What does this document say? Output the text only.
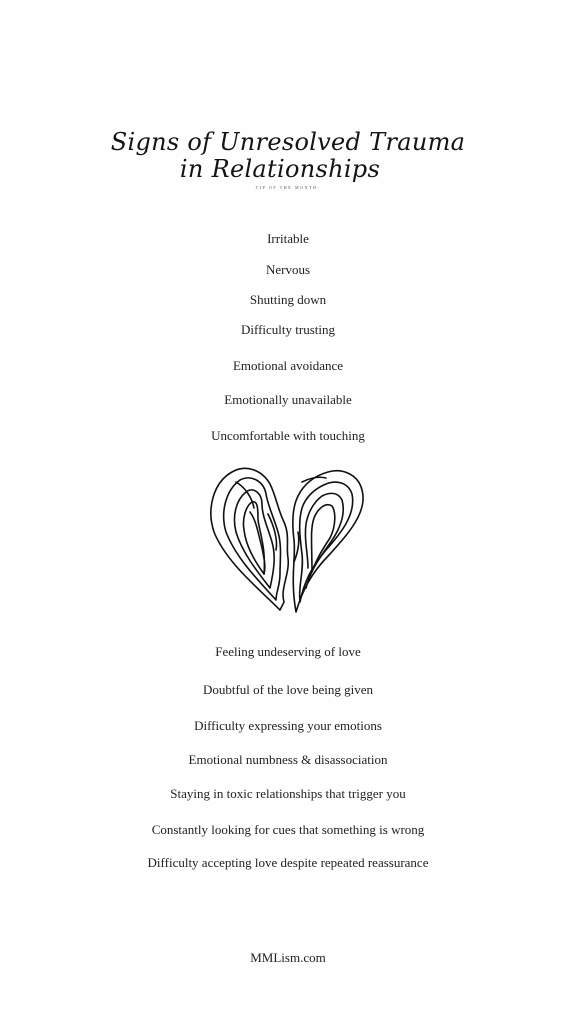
Signs of Unresolved Trauma
in Relationships
TIP OF THE MONTH:
Irritable
Nervous
Shutting down
Difficulty trusting
Emotional avoidance
Emotionally unavailable
Uncomfortable with touching
Feeling undeserving of love
Doubtful of the love being given
Difficulty expressing your emotions
Emotional numbness & disassociation
Staying in toxic relationships that trigger you
Constantly looking for cues that something is wrong
Difficulty accepting love despite repeated reassurance
MMLism.com
